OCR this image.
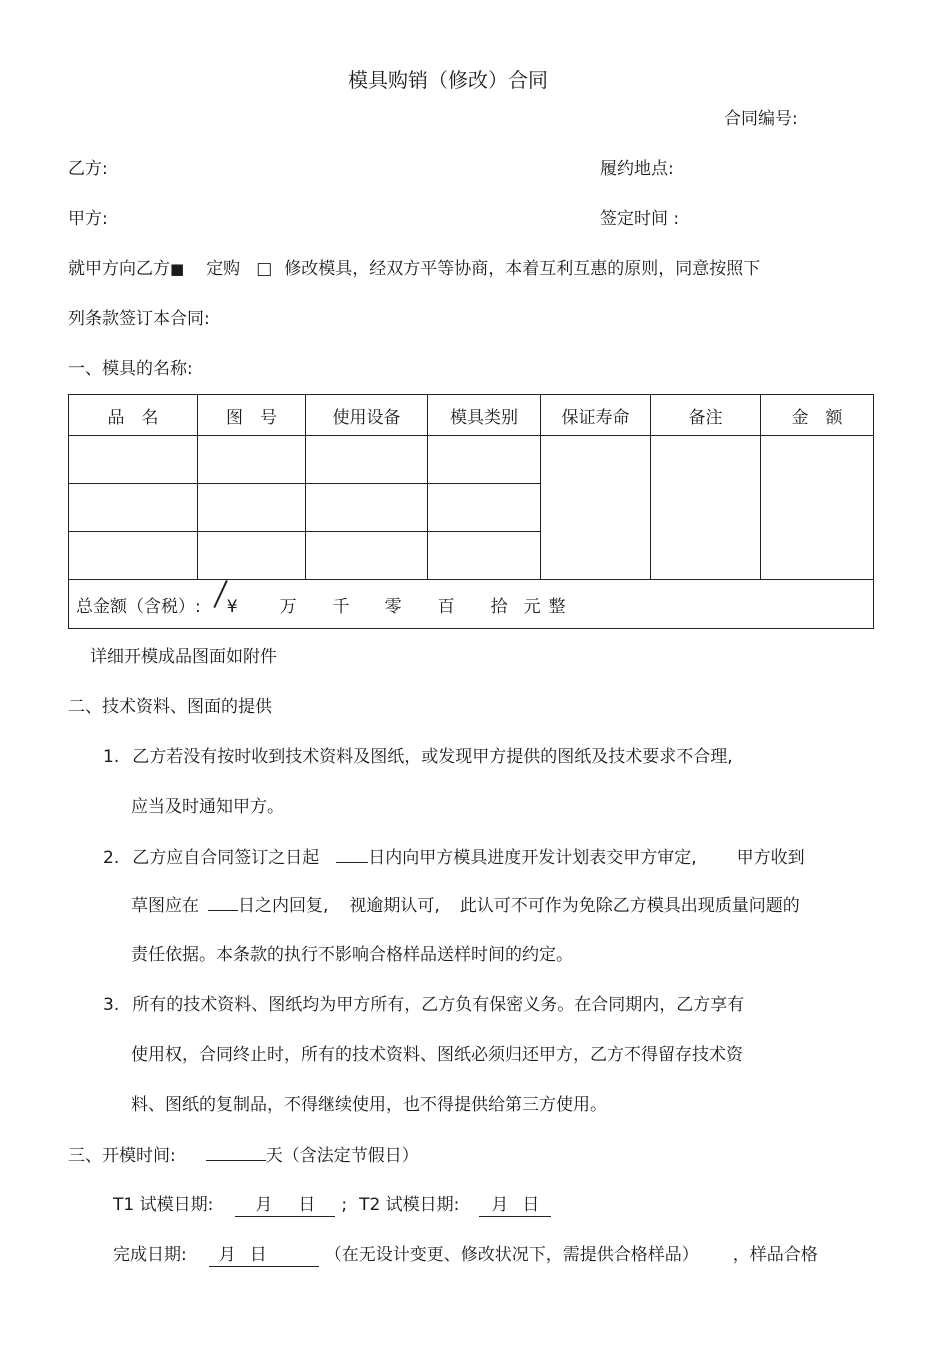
模具购销（修改）合同
合同编号:
乙方:	履约地点:
甲方:	签定时间 :
就甲方向乙方■ 定购 □ 修改模具，经双方平等协商，本着互利互惠的原则，同意按照下
列条款签订本合同:
一、模具的名称:
品　名	图　号	使用设备	模具类别	保证寿命	备注	金　额

总金额（含税）: ¥ 万 千 零 百 拾 元 整						
详细开模成品图面如附件
二、技术资料、图面的提供
1. 乙方若没有按时收到技术资料及图纸，或发现甲方提供的图纸及技术要求不合理,
应当及时通知甲方。
2. 乙方应自合同签订之日起	日内向甲方模具进度开发计划表交甲方审定, 甲方收到
草图应在 日之内回复, 视逾期认可, 此认可不可作为免除乙方模具出现质量问题的
责任依据。本条款的执行不影响合格样品送样时间的约定。
3. 所有的技术资料、图纸均为甲方所有，乙方负有保密义务。在合同期内，乙方享有
使用权，合同终止时，所有的技术资料、图纸必须归还甲方，乙方不得留存技术资
料、图纸的复制品，不得继续使用，也不得提供给第三方使用。
三、开模时间:	天（含法定节假日）
T1 试模日期: 月 日 ; T2 试模日期: 月 日
完成日期: 月 日	（在无设计变更、修改状况下，需提供合格样品） ，样品合格
